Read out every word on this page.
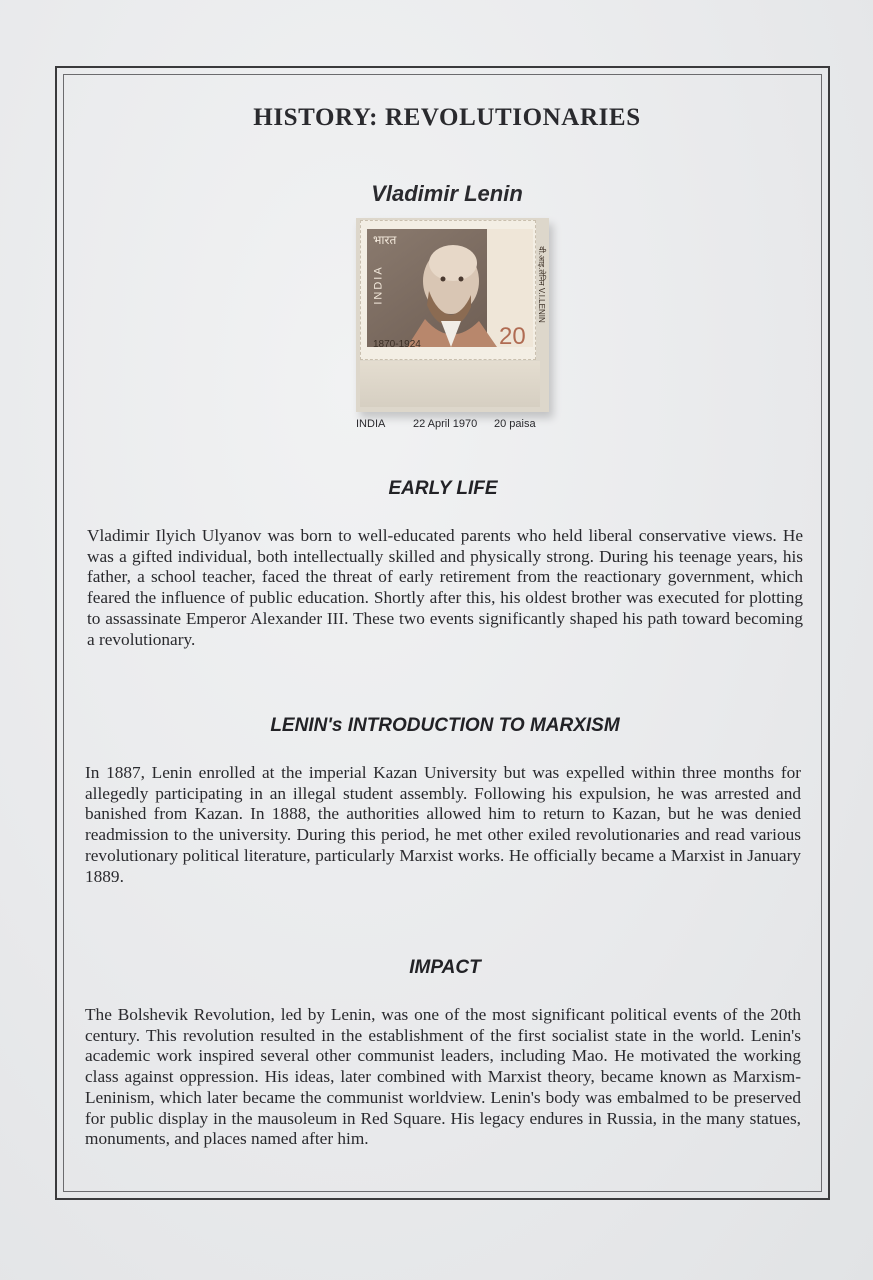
HISTORY: REVOLUTIONARIES
Vladimir Lenin
भारत
INDIA	वी.आइ.लेनिन V.I.LENIN
1870-1924	20
INDIA	22 April 1970 20 paisa
EARLY LIFE

Vladimir Ilyich Ulyanov was born to well-educated parents who held liberal conservative views. He was a gifted individual, both intellectually skilled and physically strong. During his teenage years, his father, a school teacher, faced the threat of early retirement from the reactionary government, which feared the influence of public education. Shortly after this, his oldest brother was executed for plotting to assassinate Emperor Alexander III. These two events significantly shaped his path toward becoming a revolutionary.

LENIN's INTRODUCTION TO MARXISM

In 1887, Lenin enrolled at the imperial Kazan University but was expelled within three months for allegedly participating in an illegal student assembly. Following his expulsion, he was arrested and banished from Kazan. In 1888, the authorities allowed him to return to Kazan, but he was denied readmission to the university. During this period, he met other exiled revolutionaries and read various revolutionary political literature, particularly Marxist works. He officially became a Marxist in January 1889.

IMPACT

The Bolshevik Revolution, led by Lenin, was one of the most significant political events of the 20th century. This revolution resulted in the establishment of the first socialist state in the world. Lenin's academic work inspired several other communist leaders, including Mao. He motivated the working class against oppression. His ideas, later combined with Marxist theory, became known as Marxism-Leninism, which later became the communist worldview. Lenin's body was embalmed to be preserved for public display in the mausoleum in Red Square. His legacy endures in Russia, in the many statues, monuments, and places named after him.
